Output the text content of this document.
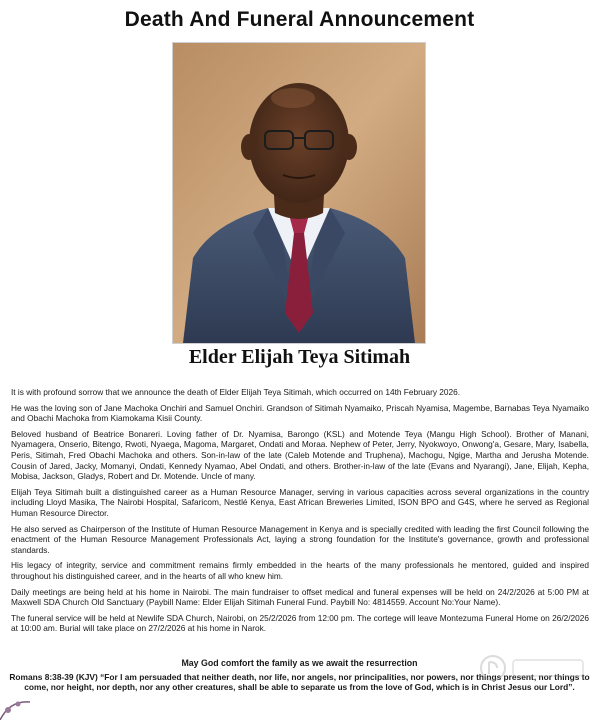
Death And Funeral Announcement
Elder Elijah Teya Sitimah

It is with profound sorrow that we announce the death of Elder Elijah Teya Sitimah, which occurred on 14th February 2026.

He was the loving son of Jane Machoka Onchiri and Samuel Onchiri. Grandson of Sitimah Nyamaiko, Priscah Nyamisa, Magembe, Barnabas Teya Nyamaiko and Obachi Machoka from Kiamokama Kisii County.

Beloved husband of Beatrice Bonareri. Loving father of Dr. Nyamisa, Barongo (KSL) and Motende Teya (Mangu High School). Brother of Manani, Nyamagera, Onserio, Bitengo, Rwoti, Nyaega, Magoma, Margaret, Ondati and Moraa. Nephew of Peter, Jerry, Nyokwoyo, Onwong'a, Gesare, Mary, Isabella, Peris, Sitimah, Fred Obachi Machoka and others. Son-in-law of the late (Caleb Motende and Truphena), Machogu, Ngige, Martha and Jerusha Motende. Cousin of Jared, Jacky, Momanyi, Ondati, Kennedy Nyamao, Abel Ondati, and others. Brother-in-law of the late (Evans and Nyarangi), Jane, Elijah, Kepha, Mobisa, Jackson, Gladys, Robert and Dr. Motende. Uncle of many.

Elijah Teya Sitimah built a distinguished career as a Human Resource Manager, serving in various capacities across several organizations in the country including Lloyd Masika, The Nairobi Hospital, Safaricom, Nestlé Kenya, East African Breweries Limited, ISON BPO and G4S, where he served as Regional Human Resource Director.

He also served as Chairperson of the Institute of Human Resource Management in Kenya and is specially credited with leading the first Council following the enactment of the Human Resource Management Professionals Act, laying a strong foundation for the Institute's governance, growth and professional standards.

His legacy of integrity, service and commitment remains firmly embedded in the hearts of the many professionals he mentored, guided and inspired throughout his distinguished career, and in the hearts of all who knew him.

Daily meetings are being held at his home in Nairobi. The main fundraiser to offset medical and funeral expenses will be held on 24/2/2026 at 5:00 PM at Maxwell SDA Church Old Sanctuary (Paybill Name: Elder Elijah Sitimah Funeral Fund. Paybill No: 4814559. Account No:Your Name).

The funeral service will be held at Newlife SDA Church, Nairobi, on 25/2/2026 from 12:00 pm. The cortege will leave Montezuma Funeral Home on 26/2/2026 at 10:00 am. Burial will take place on 27/2/2026 at his home in Narok.

May God comfort the family as we await the resurrection
Romans 8:38-39 (KJV) “For I am persuaded that neither death, nor life, nor angels, nor principalities, nor powers, nor things present, nor things to come, nor height, nor depth, nor any other creatures, shall be able to separate us from the love of God, which is in Christ Jesus our Lord”.
